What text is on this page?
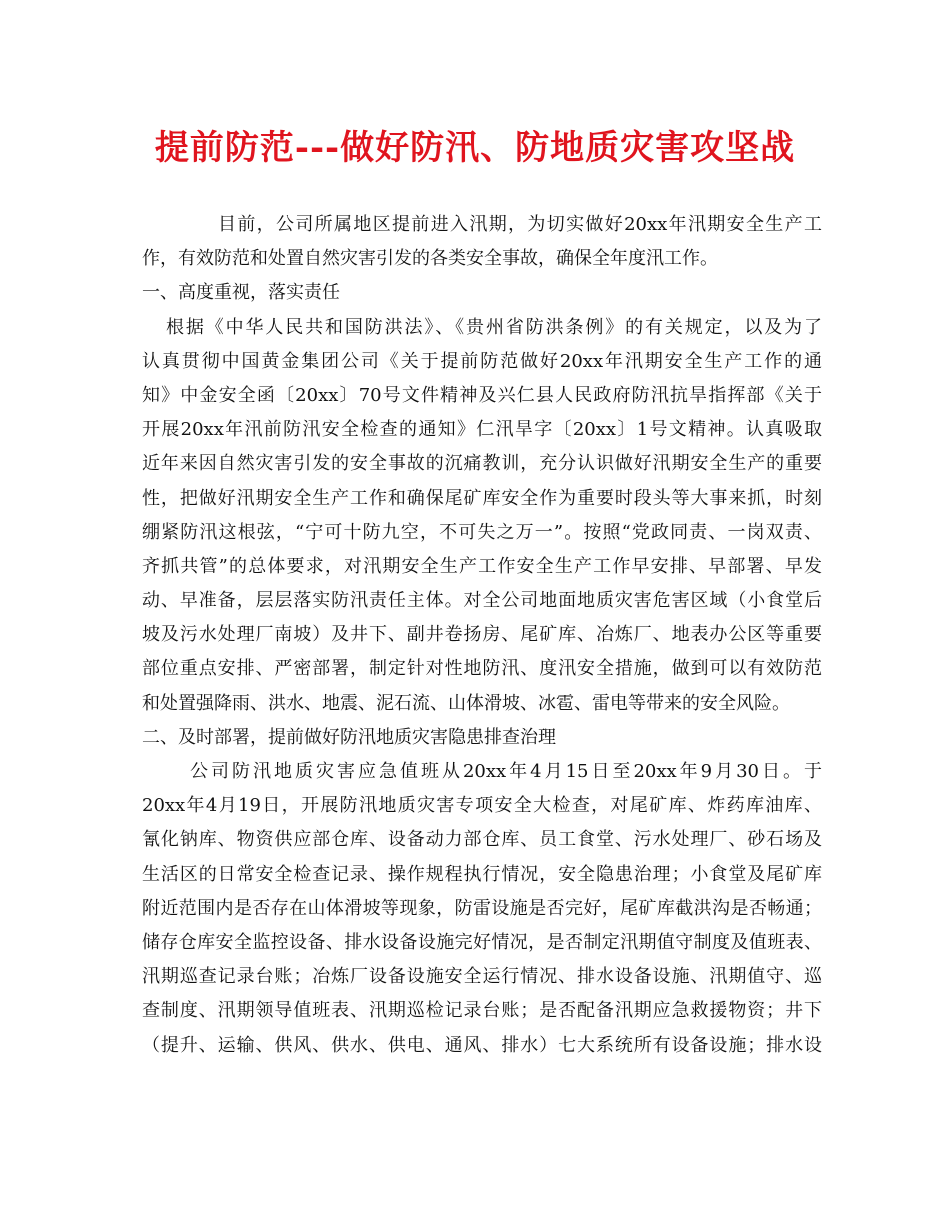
提前防范---做好防汛、防地质灾害攻坚战
目前，公司所属地区提前进入汛期，为切实做好20xx年汛期安全生产工
作，有效防范和处置自然灾害引发的各类安全事故，确保全年度汛工作。
一、高度重视，落实责任
根据《中华人民共和国防洪法》、《贵州省防洪条例》的有关规定，以及为了
认真贯彻中国黄金集团公司《关于提前防范做好20xx年汛期安全生产工作的通
知》中金安全函〔20xx〕70号文件精神及兴仁县人民政府防汛抗旱指挥部《关于
开展20xx年汛前防汛安全检查的通知》仁汛旱字〔20xx〕1号文精神。认真吸取
近年来因自然灾害引发的安全事故的沉痛教训，充分认识做好汛期安全生产的重要
性，把做好汛期安全生产工作和确保尾矿库安全作为重要时段头等大事来抓，时刻
绷紧防汛这根弦，“宁可十防九空，不可失之万一”。按照“党政同责、一岗双责、
齐抓共管”的总体要求，对汛期安全生产工作安全生产工作早安排、早部署、早发
动、早准备，层层落实防汛责任主体。对全公司地面地质灾害危害区域（小食堂后
坡及污水处理厂南坡）及井下、副井卷扬房、尾矿库、冶炼厂、地表办公区等重要
部位重点安排、严密部署，制定针对性地防汛、度汛安全措施，做到可以有效防范
和处置强降雨、洪水、地震、泥石流、山体滑坡、冰雹、雷电等带来的安全风险。
二、及时部署，提前做好防汛地质灾害隐患排查治理
公司防汛地质灾害应急值班从20xx年4月15日至20xx年9月30日。于
20xx年4月19日，开展防汛地质灾害专项安全大检查，对尾矿库、炸药库油库、
氰化钠库、物资供应部仓库、设备动力部仓库、员工食堂、污水处理厂、砂石场及
生活区的日常安全检查记录、操作规程执行情况，安全隐患治理；小食堂及尾矿库
附近范围内是否存在山体滑坡等现象，防雷设施是否完好，尾矿库截洪沟是否畅通；
储存仓库安全监控设备、排水设备设施完好情况，是否制定汛期值守制度及值班表、
汛期巡查记录台账；冶炼厂设备设施安全运行情况、排水设备设施、汛期值守、巡
查制度、汛期领导值班表、汛期巡检记录台账；是否配备汛期应急救援物资；井下
（提升、运输、供风、供水、供电、通风、排水）七大系统所有设备设施；排水设
